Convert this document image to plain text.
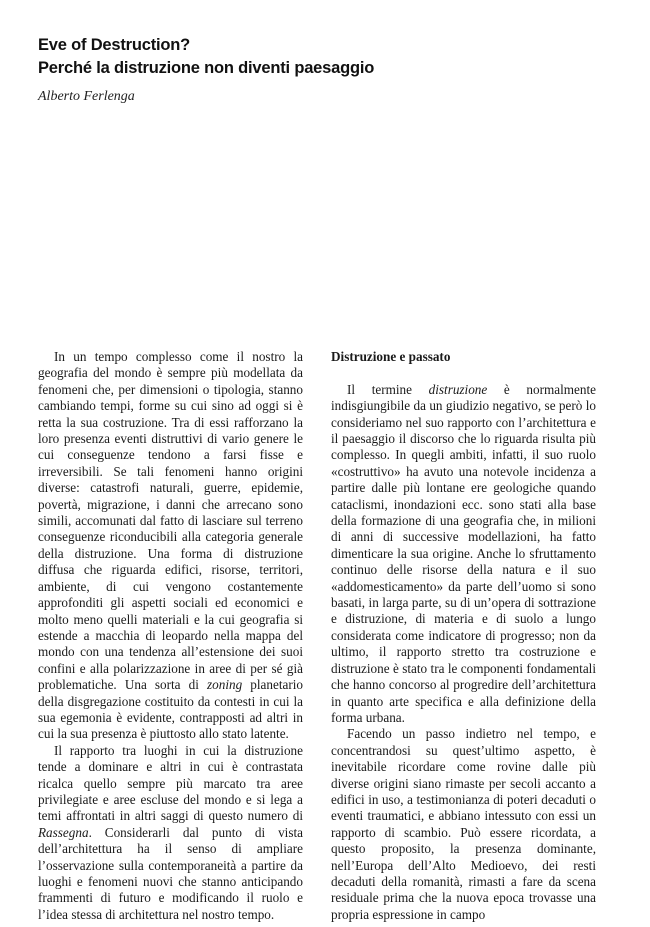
Eve of Destruction?
Perché la distruzione non diventi paesaggio
Alberto Ferlenga

In un tempo complesso come il nostro la geografia del mondo è sempre più modellata da fenomeni che, per dimensioni o tipologia, stanno cambiando tempi, forme su cui sino ad oggi si è retta la sua costruzione. Tra di essi rafforzano la loro presenza eventi distruttivi di vario genere le cui conseguenze tendono a farsi fisse e irreversibili. Se tali fenomeni hanno origini diverse: catastrofi naturali, guerre, epidemie, povertà, migrazione, i danni che arrecano sono simili, accomunati dal fatto di lasciare sul terreno conseguenze riconducibili alla categoria generale della distruzione. Una forma di distruzione diffusa che riguarda edifici, risorse, territori, ambiente, di cui vengono costantemente approfonditi gli aspetti sociali ed economici e molto meno quelli materiali e la cui geografia si estende a macchia di leopardo nella mappa del mondo con una tendenza all’estensione dei suoi confini e alla polarizzazione in aree di per sé già problematiche. Una sorta di zoning planetario della disgregazione costituito da contesti in cui la sua egemonia è evidente, contrapposti ad altri in cui la sua presenza è piuttosto allo stato latente.

Il rapporto tra luoghi in cui la distruzione tende a dominare e altri in cui è contrastata ricalca quello sempre più marcato tra aree privilegiate e aree escluse del mondo e si lega a temi affrontati in altri saggi di questo numero di Rassegna. Considerarli dal punto di vista dell’architettura ha il senso di ampliare l’osservazione sulla contemporaneità a partire da luoghi e fenomeni nuovi che stanno anticipando frammenti di futuro e modificando il ruolo e l’idea stessa di architettura nel nostro tempo.

Distruzione e passato

Il termine distruzione è normalmente indisgiungibile da un giudizio negativo, se però lo consideriamo nel suo rapporto con l’architettura e il paesaggio il discorso che lo riguarda risulta più complesso. In quegli ambiti, infatti, il suo ruolo «costruttivo» ha avuto una notevole incidenza a partire dalle più lontane ere geologiche quando cataclismi, inondazioni ecc. sono stati alla base della formazione di una geografia che, in milioni di anni di successive modellazioni, ha fatto dimenticare la sua origine. Anche lo sfruttamento continuo delle risorse della natura e il suo «addomesticamento» da parte dell’uomo si sono basati, in larga parte, su di un’opera di sottrazione e distruzione, di materia e di suolo a lungo considerata come indicatore di progresso; non da ultimo, il rapporto stretto tra costruzione e distruzione è stato tra le componenti fondamentali che hanno concorso al progredire dell’architettura in quanto arte specifica e alla definizione della forma urbana.

Facendo un passo indietro nel tempo, e concentrandosi su quest’ultimo aspetto, è inevitabile ricordare come rovine dalle più diverse origini siano rimaste per secoli accanto a edifici in uso, a testimonianza di poteri decaduti o eventi traumatici, e abbiano intessuto con essi un rapporto di scambio. Può essere ricordata, a questo proposito, la presenza dominante, nell’Europa dell’Alto Medioevo, dei resti decaduti della romanità, rimasti a fare da scena residuale prima che la nuova epoca trovasse una propria espressione in campo
